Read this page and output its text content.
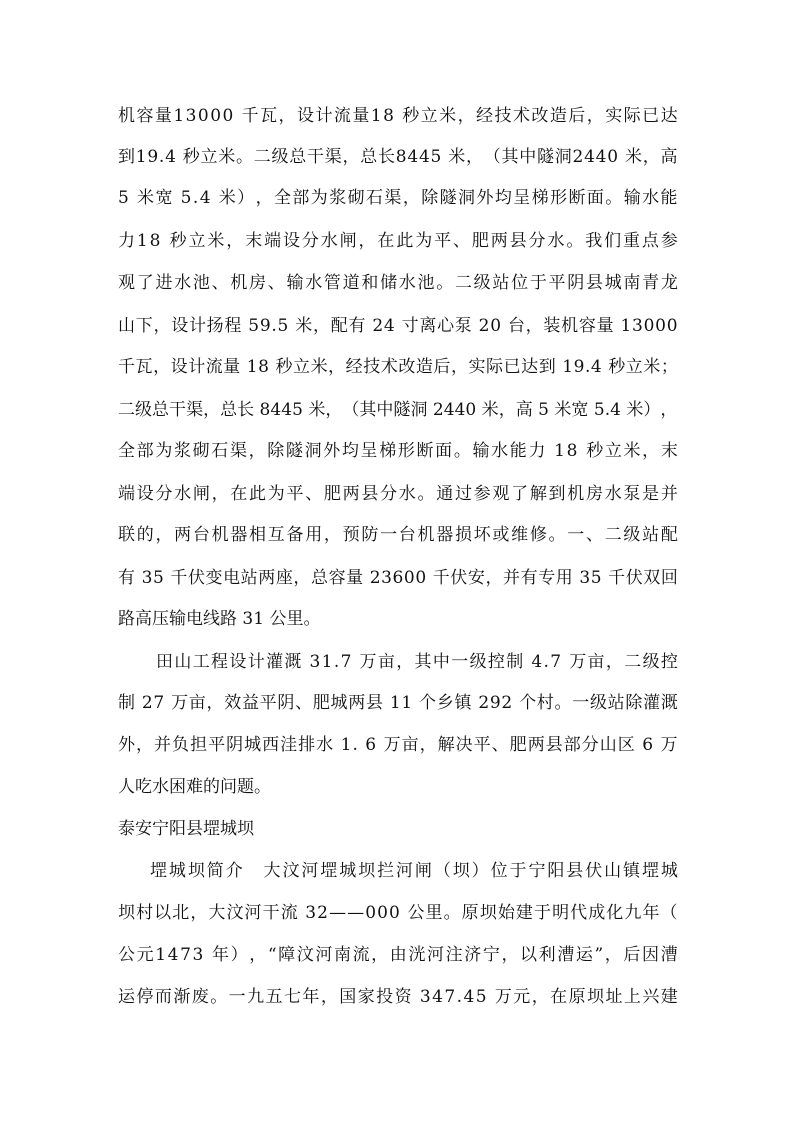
机 容 量 1 3 0 0 0
千 瓦 ， 设 计 流 量 1 8
秒 立 米 ， 经 技 术 改 造 后 ， 实 际 已 达
到 1 9 . 4
秒 立 米 。 二 级 总 干 渠 ， 总 长 8 4 4 5
米 ， （ 其 中 隧 洞 2 4 4 0
米 ， 高
5
米 宽
5 . 4
米 ） ， 全 部 为 浆 砌 石 渠 ， 除 隧 洞 外 均 呈 梯 形 断 面 。 输 水 能
力 1 8
秒 立 米 ， 末 端 设 分 水 闸 ， 在 此 为 平 、 肥 两 县 分 水 。 我 们 重 点 参
观 了 进 水 池 、 机 房 、 输 水 管 道 和 储 水 池 。 二 级 站 位 于 平 阴 县 城 南 青 龙
山 下 ， 设 计 扬 程
5 9 . 5
米 ， 配 有
2 4
寸 离 心 泵
2 0
台 ， 装 机 容 量
1 3 0 0 0
千 瓦 ， 设 计 流 量
1 8
秒 立 米 ， 经 技 术 改 造 后 ， 实 际 已 达 到
1 9 . 4
秒 立 米 ；
二 级 总 干 渠 ， 总 长
8 4 4 5
米 ， （ 其 中 隧 洞
2 4 4 0
米 ， 高
5
米 宽
5 . 4
米 ） ，
全 部 为 浆 砌 石 渠 ， 除 隧 洞 外 均 呈 梯 形 断 面 。 输 水 能 力
1 8
秒 立 米 ， 末
端 设 分 水 闸 ， 在 此 为 平 、 肥 两 县 分 水 。 通 过 参 观 了 解 到 机 房 水 泵 是 并
联 的 ， 两 台 机 器 相 互 备 用 ， 预 防 一 台 机 器 损 坏 或 维 修 。 一 、 二 级 站 配
有
3 5
千 伏 变 电 站 两 座 ， 总 容 量
2 3 6 0 0
千 伏 安 ， 并 有 专 用
3 5
千 伏 双 回
路高压输电线路 31 公里。
田 山 工 程 设 计 灌 溉
3 1 . 7
万 亩 ， 其 中 一 级 控 制
4 . 7
万 亩 ， 二 级 控
制
2 7
万 亩 ， 效 益 平 阴 、 肥 城 两 县
1 1
个 乡 镇
2 9 2
个 村 。 一 级 站 除 灌 溉
外 ， 并 负 担 平 阴 城 西 洼 排 水
1 .
6
万 亩 ， 解 决 平 、 肥 两 县 部 分 山 区
6
万
人吃水困难的问题。
泰安宁阳县堽城坝
堽 城 坝 简 介
　 大 汶 河 堽 城 坝 拦 河 闸 （ 坝 ） 位 于 宁 阳 县 伏 山 镇 堽 城
坝 村 以 北 ， 大 汶 河 干 流
3 2 — — 0 0 0
公 里 。 原 坝 始 建 于 明 代 成 化 九 年 （
公 元 1 4 7 3
年 ） ， “ 障 汶 河 南 流 ， 由 洸 河 注 济 宁 ， 以 利 漕 运 ” ， 后 因 漕
运 停 而 渐 废 。 一 九 五 七 年 ， 国 家 投 资
3 4 7 . 4 5
万 元 ， 在 原 坝 址 上 兴 建
